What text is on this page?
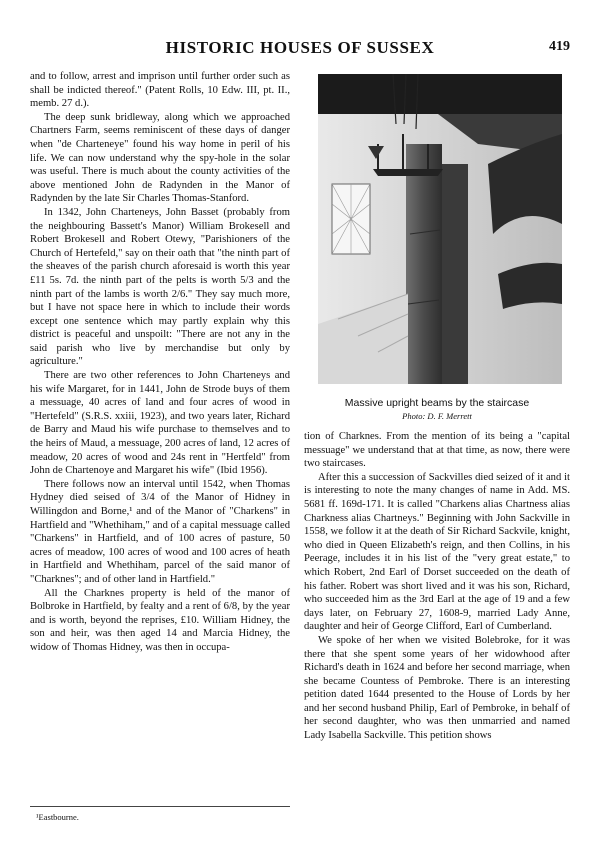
HISTORIC HOUSES OF SUSSEX	419

and to follow, arrest and imprison until further order such as shall be indicted thereof." (Patent Rolls, 10 Edw. III, pt. II., memb. 27 d.).

The deep sunk bridleway, along which we approached Chartners Farm, seems reminiscent of these days of danger when "de Charteneye" found his way home in peril of his life. We can now understand why the spy-hole in the solar was useful. There is much about the county activities of the above mentioned John de Radynden in the Manor of Radynden by the late Sir Charles Thomas-Stanford.

In 1342, John Charteneys, John Basset (probably from the neighbouring Bassett's Manor) William Brokesell and Robert Brokesell and Robert Otewy, "Parishioners of the Church of Hertefeld," say on their oath that "the ninth part of the sheaves of the parish church aforesaid is worth this year £11 5s. 7d. the ninth part of the pelts is worth 5/3 and the ninth part of the lambs is worth 2/6." They say much more, but I have not space here in which to include their words except one sentence which may partly explain why this district is peaceful and unspoilt: "There are not any in the said parish who live by merchandise but only by agriculture."

There are two other references to John Charteneys and his wife Margaret, for in 1441, John de Strode buys of them a messuage, 40 acres of land and four acres of wood in "Hertefeld" (S.R.S. xxiii, 1923), and two years later, Richard de Barry and Maud his wife purchase to themselves and to the heirs of Maud, a messuage, 200 acres of land, 12 acres of meadow, 20 acres of wood and 24s rent in "Hertfeld" from John de Chartenoye and Margaret his wife" (Ibid 1956).

There follows now an interval until 1542, when Thomas Hydney died seised of 3/4 of the Manor of Hidney in Willingdon and Borne,¹ and of the Manor of "Charkens" in Hartfield and "Whethiham," and of a capital messuage called "Charkens" in Hartfield, and of 100 acres of pasture, 50 acres of meadow, 100 acres of wood and 100 acres of heath in Hartfield and Whethiham, parcel of the said manor of "Charknes"; and of other land in Hartfield."

All the Charknes property is held of the manor of Bolbroke in Hartfield, by fealty and a rent of 6/8, by the year and is worth, beyond the reprises, £10. William Hidney, the son and heir, was then aged 14 and Marcia Hidney, the widow of Thomas Hidney, was then in occupa-

Massive upright beams by the staircase
Photo: D. F. Merrett

tion of Charknes. From the mention of its being a "capital messuage" we understand that at that time, as now, there were two staircases.

After this a succession of Sackvilles died seized of it and it is interesting to note the many changes of name in Add. MS. 5681 ff. 169d-171. It is called "Charkens alias Chartness alias Charkness alias Chartneys." Beginning with John Sackville in 1558, we follow it at the death of Sir Richard Sackvile, knight, who died in Queen Elizabeth's reign, and then Collins, in his Peerage, includes it in his list of the "very great estate," to which Robert, 2nd Earl of Dorset succeeded on the death of his father. Robert was short lived and it was his son, Richard, who succeeded him as the 3rd Earl at the age of 19 and a few days later, on February 27, 1608-9, married Lady Anne, daughter and heir of George Clifford, Earl of Cumberland.

We spoke of her when we visited Bolebroke, for it was there that she spent some years of her widowhood after Richard's death in 1624 and before her second marriage, when she became Countess of Pembroke. There is an interesting petition dated 1644 presented to the House of Lords by her and her second husband Philip, Earl of Pembroke, in behalf of her second daughter, who was then unmarried and named Lady Isabella Sackville. This petition shows

¹Eastbourne.
